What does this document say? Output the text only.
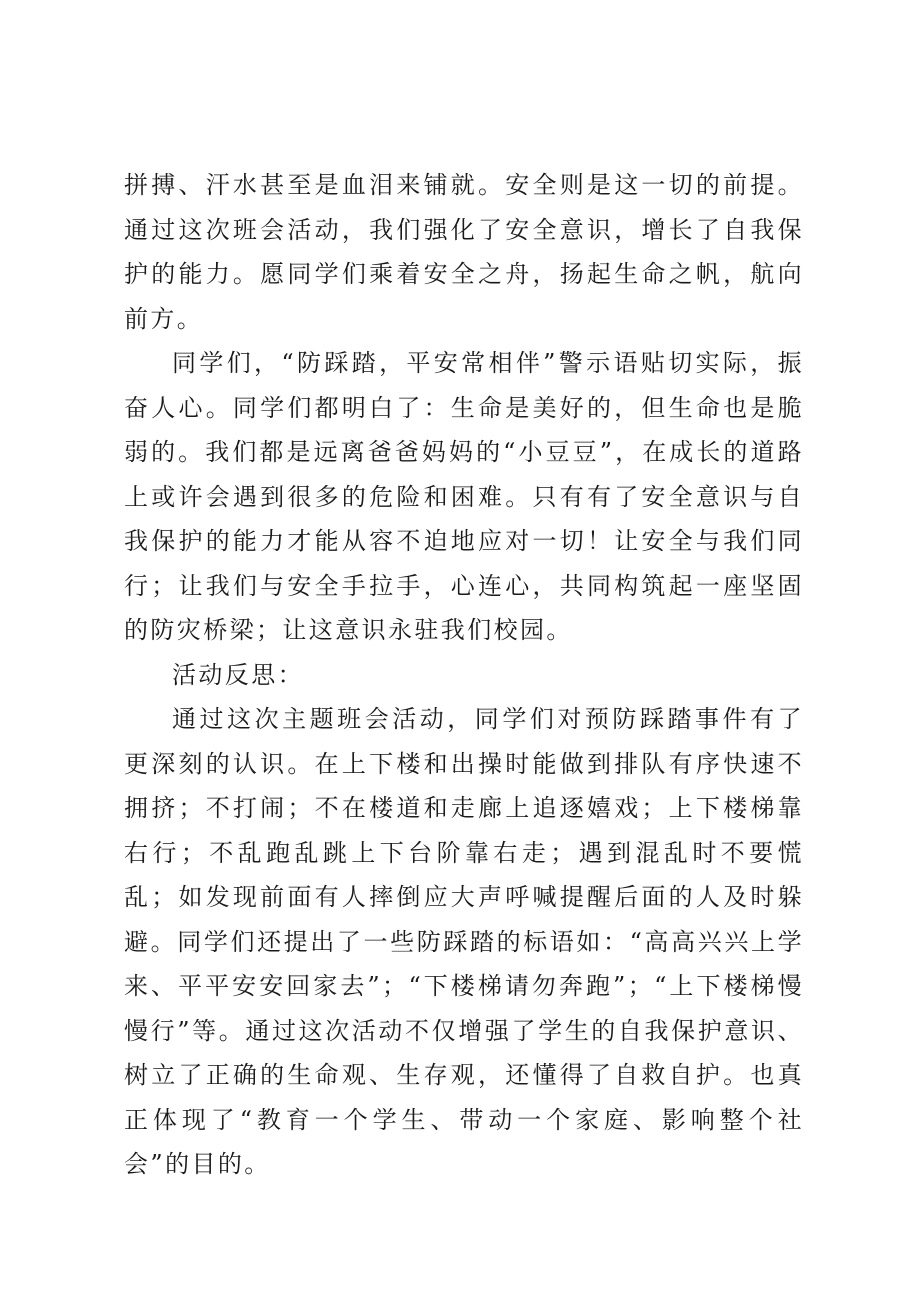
拼搏、汗水甚至是血泪来铺就。安全则是这一切的前提。通过这次班会活动，我们强化了安全意识，增长了自我保护的能力。愿同学们乘着安全之舟，扬起生命之帆，航向前方。

同学们，“防踩踏，平安常相伴”警示语贴切实际，振奋人心。同学们都明白了：生命是美好的，但生命也是脆弱的。我们都是远离爸爸妈妈的“小豆豆”，在成长的道路上或许会遇到很多的危险和困难。只有有了安全意识与自我保护的能力才能从容不迫地应对一切！让安全与我们同行；让我们与安全手拉手，心连心，共同构筑起一座坚固的防灾桥梁；让这意识永驻我们校园。

活动反思：

通过这次主题班会活动，同学们对预防踩踏事件有了更深刻的认识。在上下楼和出操时能做到排队有序快速不拥挤；不打闹；不在楼道和走廊上追逐嬉戏；上下楼梯靠右行；不乱跑乱跳上下台阶靠右走；遇到混乱时不要慌乱；如发现前面有人摔倒应大声呼喊提醒后面的人及时躲避。同学们还提出了一些防踩踏的标语如：“高高兴兴上学来、平平安安回家去”；“下楼梯请勿奔跑”；“上下楼梯慢慢行”等。通过这次活动不仅增强了学生的自我保护意识、树立了正确的生命观、生存观，还懂得了自救自护。也真正体现了“教育一个学生、带动一个家庭、影响整个社会”的目的。
